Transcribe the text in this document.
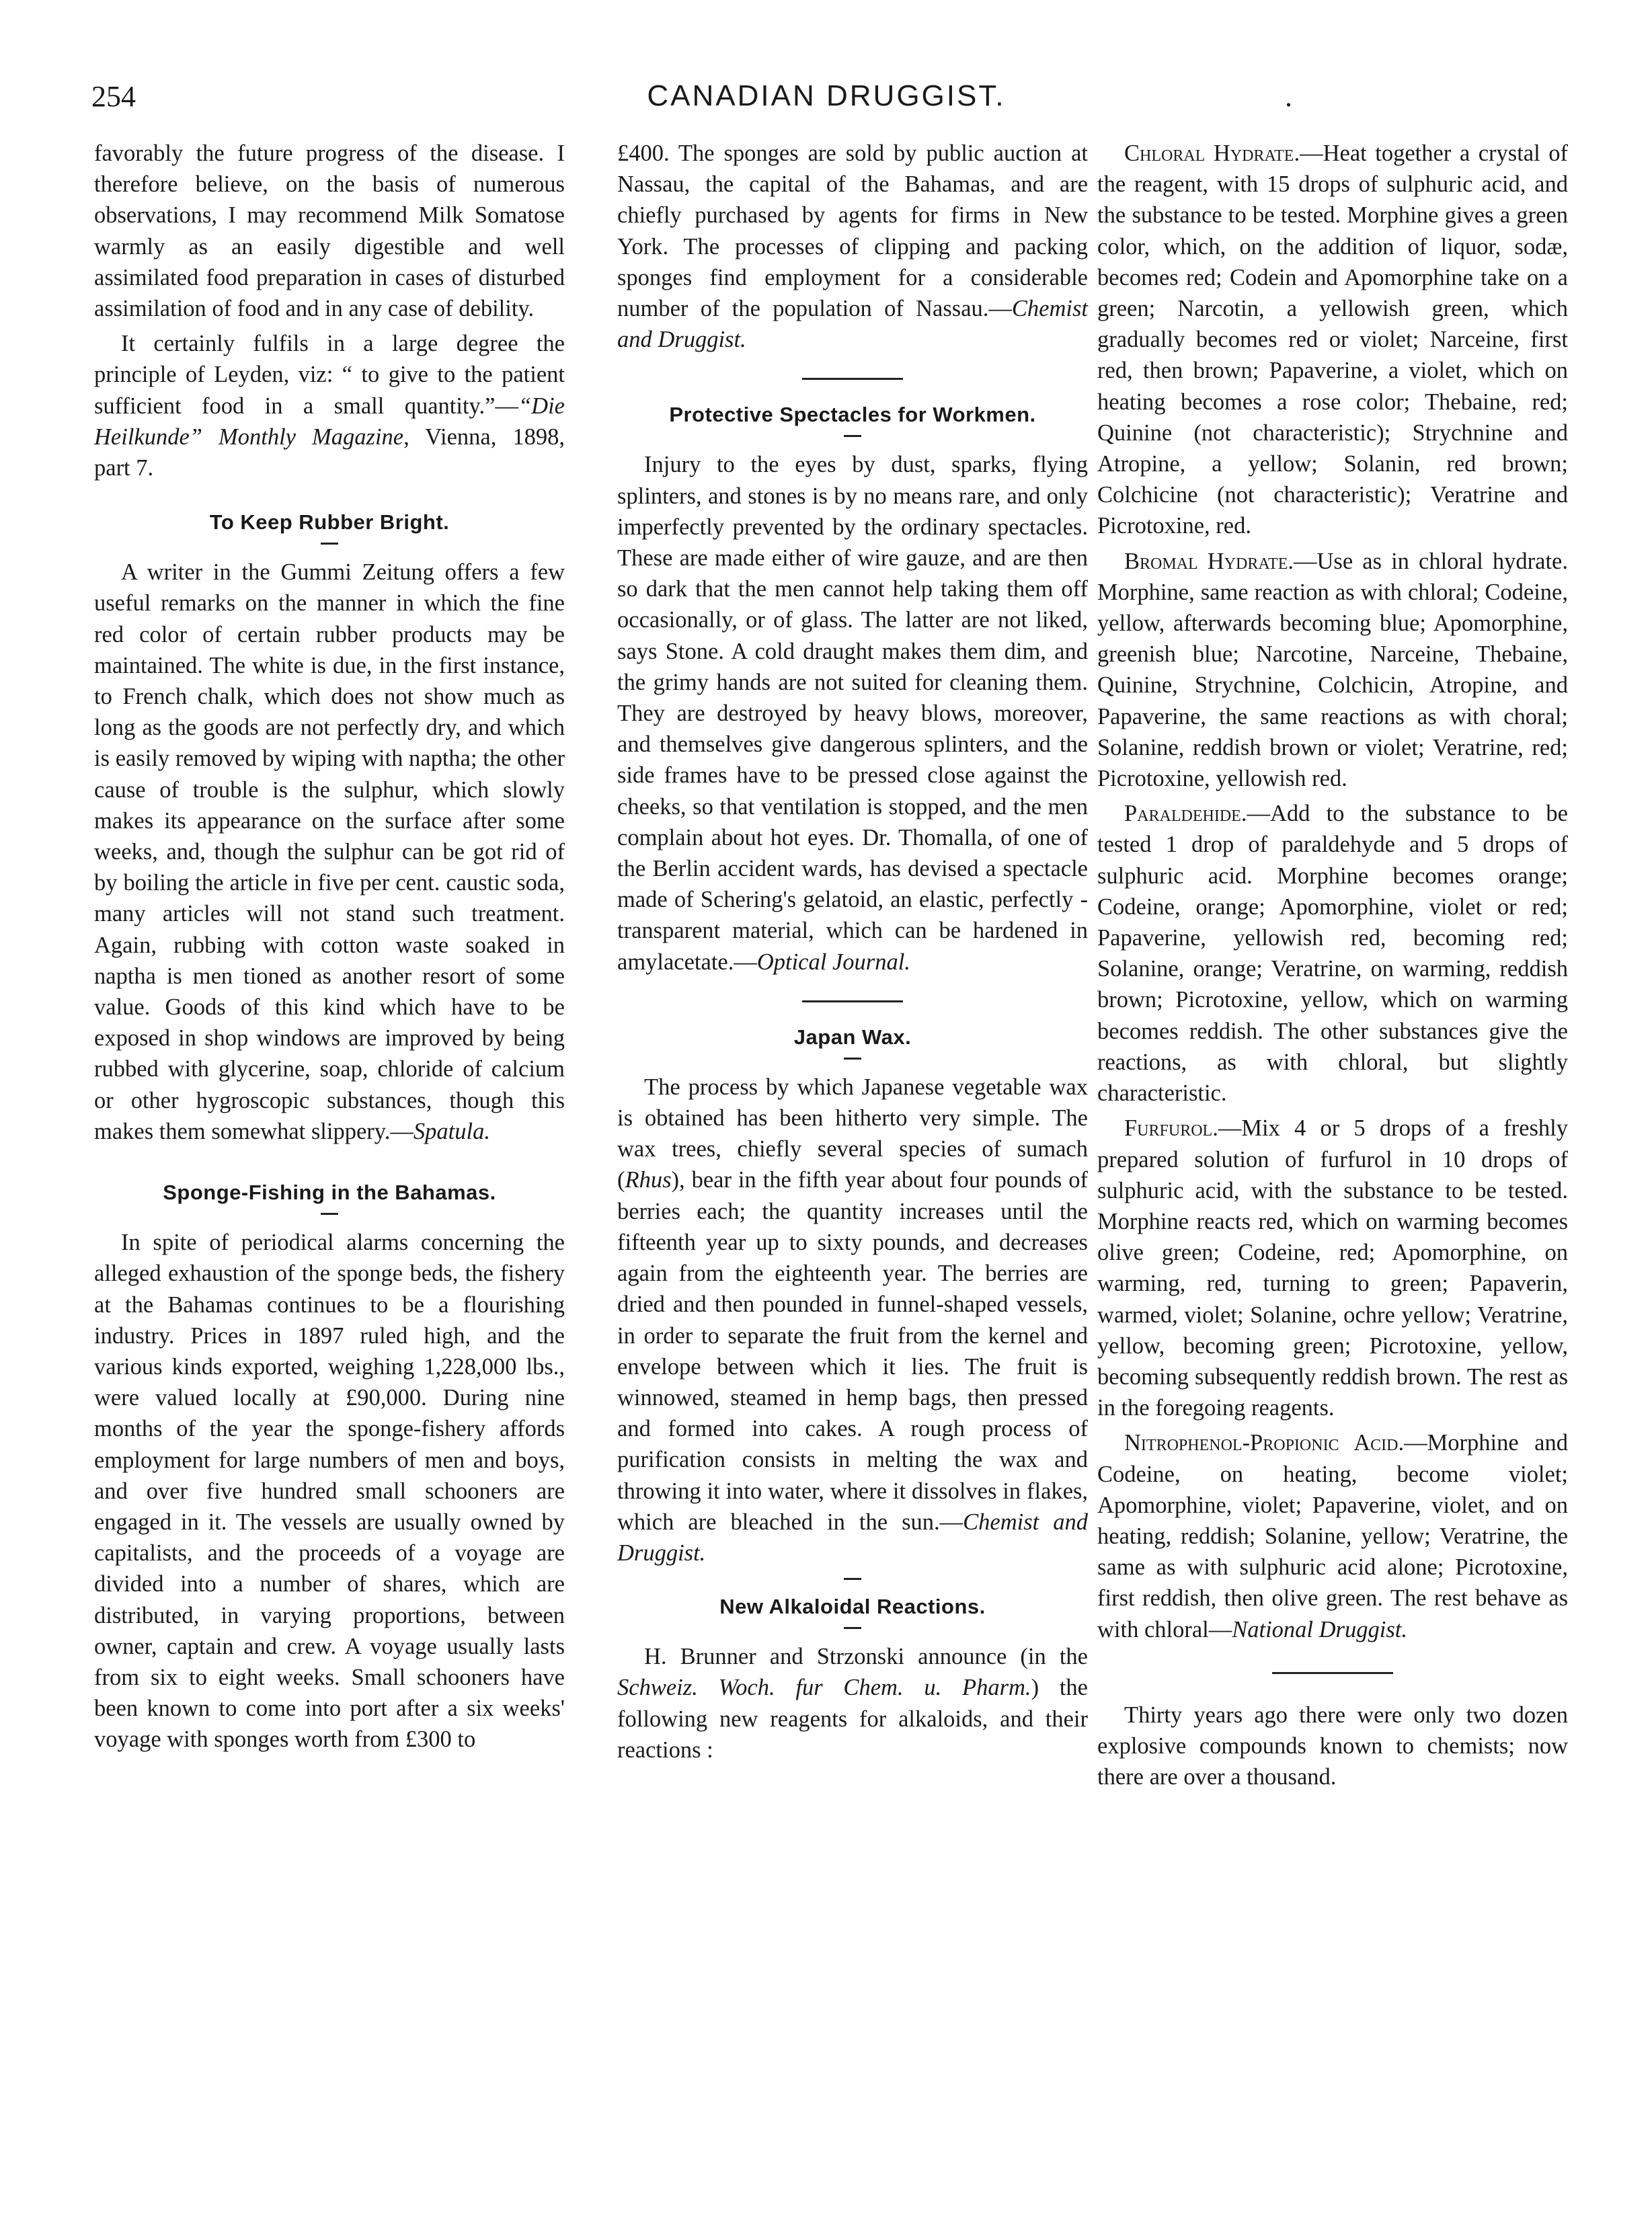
254	CANADIAN DRUGGIST.	.

favorably the future progress of the disease. I therefore believe, on the basis of numerous observations, I may recommend Milk Somatose warmly as an easily digestible and well assimilated food preparation in cases of disturbed assimilation of food and in any case of debility.

It certainly fulfils in a large degree the principle of Leyden, viz: “ to give to the patient sufficient food in a small quantity.”—“Die Heilkunde” Monthly Magazine, Vienna, 1898, part 7.

To Keep Rubber Bright.

A writer in the Gummi Zeitung offers a few useful remarks on the manner in which the fine red color of certain rubber products may be maintained. The white is due, in the first instance, to French chalk, which does not show much as long as the goods are not perfectly dry, and which is easily removed by wiping with naptha; the other cause of trouble is the sulphur, which slowly makes its appearance on the surface after some weeks, and, though the sulphur can be got rid of by boiling the article in five per cent. caustic soda, many articles will not stand such treatment. Again, rubbing with cotton waste soaked in naptha is men tioned as another resort of some value. Goods of this kind which have to be exposed in shop windows are improved by being rubbed with glycerine, soap, chloride of calcium or other hygroscopic substances, though this makes them somewhat slippery.—Spatula.

Sponge-Fishing in the Bahamas.

In spite of periodical alarms concerning the alleged exhaustion of the sponge beds, the fishery at the Bahamas continues to be a flourishing industry. Prices in 1897 ruled high, and the various kinds exported, weighing 1,228,000 lbs., were valued locally at £90,000. During nine months of the year the sponge-fishery affords employment for large numbers of men and boys, and over five hundred small schooners are engaged in it. The vessels are usually owned by capitalists, and the proceeds of a voyage are divided into a number of shares, which are distributed, in varying proportions, between owner, captain and crew. A voyage usually lasts from six to eight weeks. Small schooners have been known to come into port after a six weeks' voyage with sponges worth from £300 to

£400. The sponges are sold by public auction at Nassau, the capital of the Bahamas, and are chiefly purchased by agents for firms in New York. The processes of clipping and packing sponges find employment for a considerable number of the population of Nassau.—Chemist and Druggist.

Protective Spectacles for Workmen.

Injury to the eyes by dust, sparks, flying splinters, and stones is by no means rare, and only imperfectly prevented by the ordinary spectacles. These are made either of wire gauze, and are then so dark that the men cannot help taking them off occasionally, or of glass. The latter are not liked, says Stone. A cold draught makes them dim, and the grimy hands are not suited for cleaning them. They are destroyed by heavy blows, moreover, and themselves give dangerous splinters, and the side frames have to be pressed close against the cheeks, so that ventilation is stopped, and the men complain about hot eyes. Dr. Thomalla, of one of the Berlin accident wards, has devised a spectacle made of Schering's gelatoid, an elastic, perfectly - transparent material, which can be hardened in amylacetate.—Optical Journal.

Japan Wax.

The process by which Japanese vegetable wax is obtained has been hitherto very simple. The wax trees, chiefly several species of sumach (Rhus), bear in the fifth year about four pounds of berries each; the quantity increases until the fifteenth year up to sixty pounds, and decreases again from the eighteenth year. The berries are dried and then pounded in funnel-shaped vessels, in order to separate the fruit from the kernel and envelope between which it lies. The fruit is winnowed, steamed in hemp bags, then pressed and formed into cakes. A rough process of purification consists in melting the wax and throwing it into water, where it dissolves in flakes, which are bleached in the sun.—Chemist and Druggist.

New Alkaloidal Reactions.

H. Brunner and Strzonski announce (in the Schweiz. Woch. fur Chem. u. Pharm.) the following new reagents for alkaloids, and their reactions :

Chloral Hydrate.—Heat together a crystal of the reagent, with 15 drops of sulphuric acid, and the substance to be tested. Morphine gives a green color, which, on the addition of liquor, sodæ, becomes red; Codein and Apomorphine take on a green; Narcotin, a yellowish green, which gradually becomes red or violet; Narceine, first red, then brown; Papaverine, a violet, which on heating becomes a rose color; Thebaine, red; Quinine (not characteristic); Strychnine and Atropine, a yellow; Solanin, red brown; Colchicine (not characteristic); Veratrine and Picrotoxine, red.

Bromal Hydrate.—Use as in chloral hydrate. Morphine, same reaction as with chloral; Codeine, yellow, afterwards becoming blue; Apomorphine, greenish blue; Narcotine, Narceine, Thebaine, Quinine, Strychnine, Colchicin, Atropine, and Papaverine, the same reactions as with choral; Solanine, reddish brown or violet; Veratrine, red; Picrotoxine, yellowish red.

Paraldehide.—Add to the substance to be tested 1 drop of paraldehyde and 5 drops of sulphuric acid. Morphine becomes orange; Codeine, orange; Apomorphine, violet or red; Papaverine, yellowish red, becoming red; Solanine, orange; Veratrine, on warming, reddish brown; Picrotoxine, yellow, which on warming becomes reddish. The other substances give the reactions, as with chloral, but slightly characteristic.

Furfurol.—Mix 4 or 5 drops of a freshly prepared solution of furfurol in 10 drops of sulphuric acid, with the substance to be tested. Morphine reacts red, which on warming becomes olive green; Codeine, red; Apomorphine, on warming, red, turning to green; Papaverin, warmed, violet; Solanine, ochre yellow; Veratrine, yellow, becoming green; Picrotoxine, yellow, becoming subsequently reddish brown. The rest as in the foregoing reagents.

Nitrophenol-Propionic Acid.—Morphine and Codeine, on heating, become violet; Apomorphine, violet; Papaverine, violet, and on heating, reddish; Solanine, yellow; Veratrine, the same as with sulphuric acid alone; Picrotoxine, first reddish, then olive green. The rest behave as with chloral—National Druggist.

Thirty years ago there were only two dozen explosive compounds known to chemists; now there are over a thousand.
